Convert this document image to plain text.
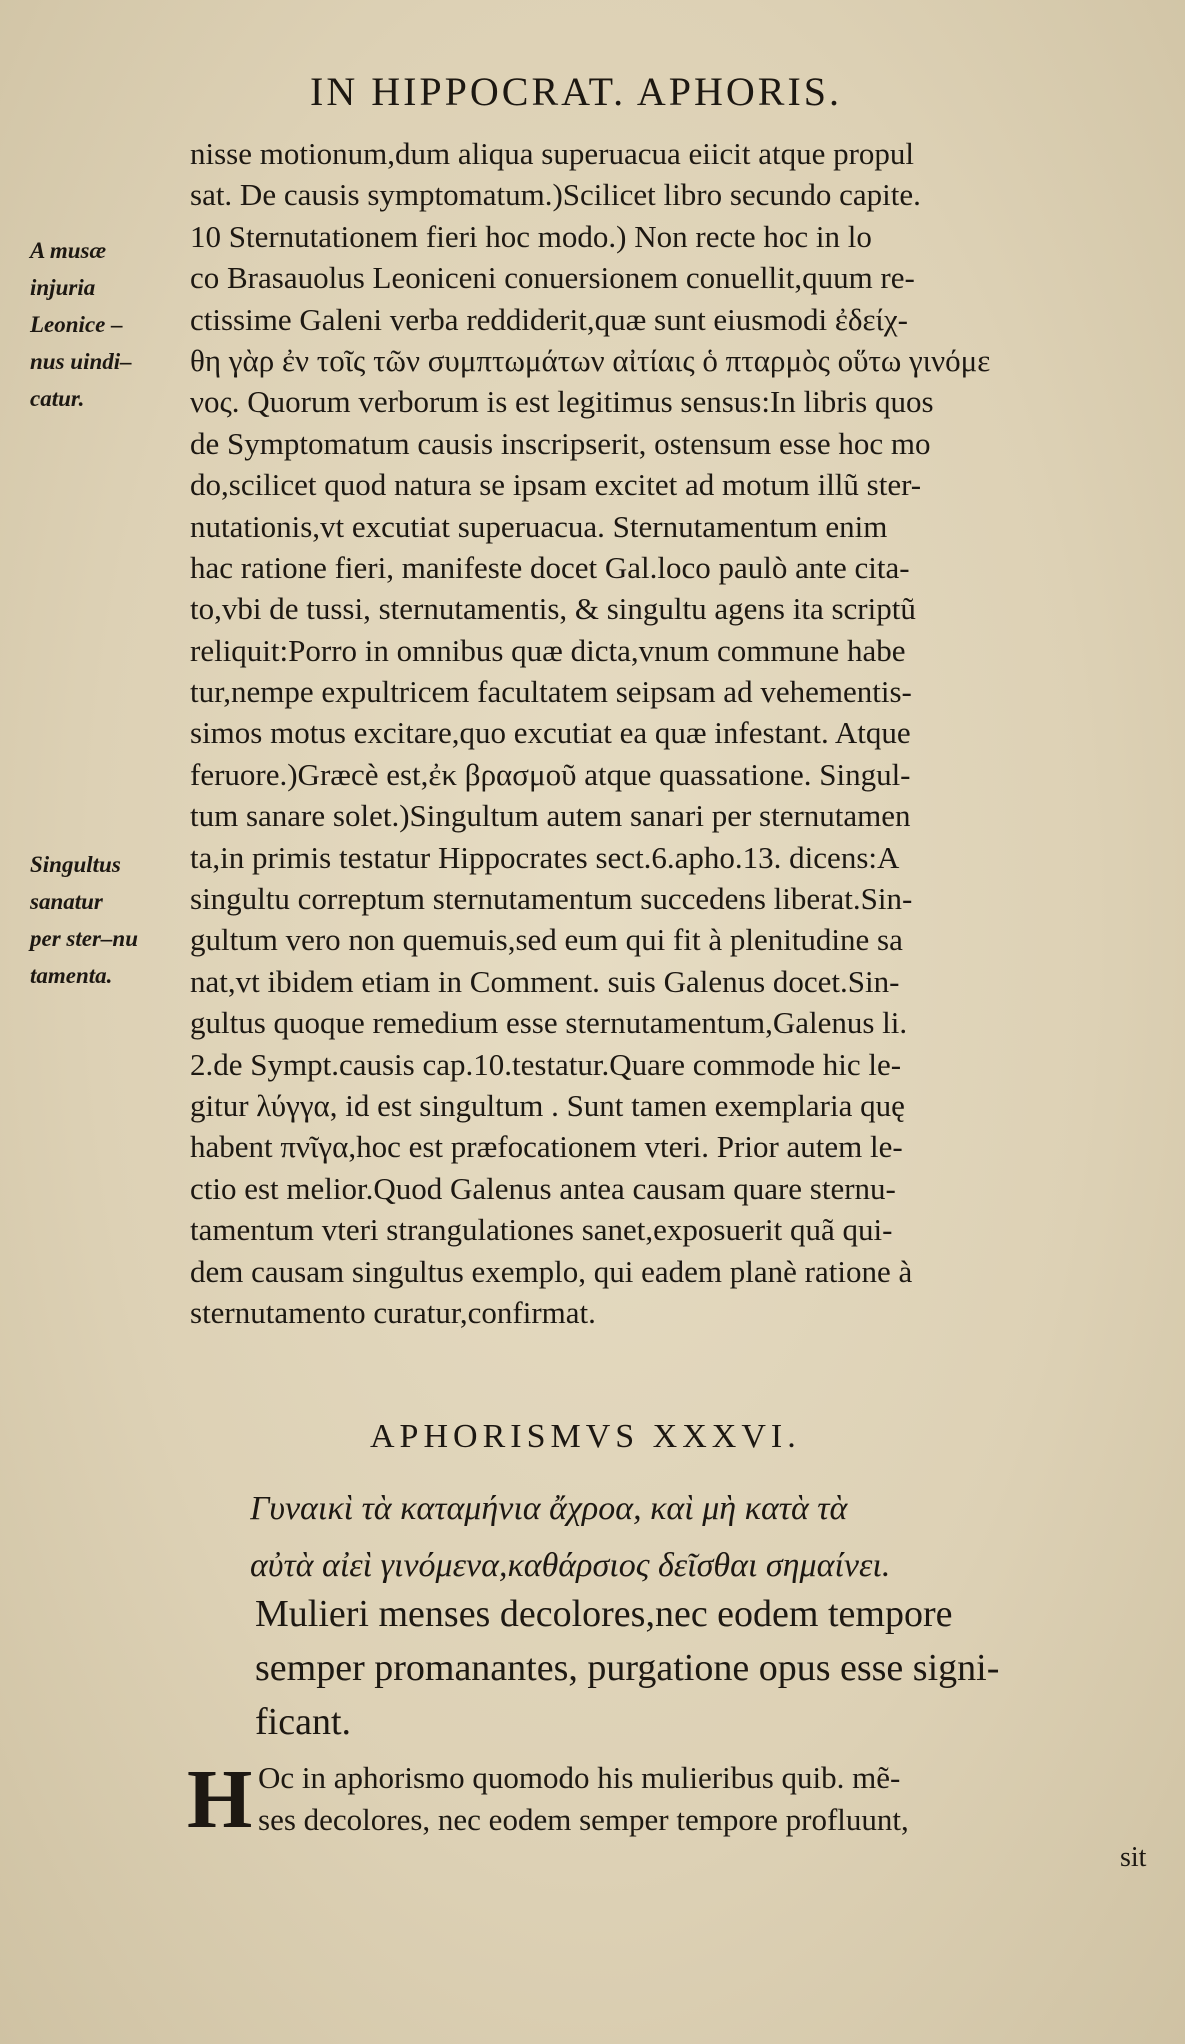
IN HIPPOCRAT. APHORIS.
A musæ
injuria
Leonice –
nus uindi–
catur.
Singultus
sanatur
per ster–nu
tamenta.
nisse motionum,dum aliqua superuacua eiicit atque propul
sat. De causis symptomatum.)Scilicet libro secundo capite.
10 Sternutationem fieri hoc modo.) Non recte hoc in lo
co Brasauolus Leoniceni conuersionem conuellit,quum re-
ctissime Galeni verba reddiderit,quæ sunt eiusmodi ἐδείχ-
θη γὰρ ἐν τοῖς τῶν συμπτωμάτων αἰτίαις ὁ πταρμὸς οὕτω γινόμε
νος. Quorum verborum is est legitimus sensus:In libris quos
de Symptomatum causis inscripserit, ostensum esse hoc mo
do,scilicet quod natura se ipsam excitet ad motum illũ ster-
nutationis,vt excutiat superuacua. Sternutamentum enim
hac ratione fieri, manifeste docet Gal.loco paulò ante cita-
to,vbi de tussi, sternutamentis, & singultu agens ita scriptũ
reliquit:Porro in omnibus quæ dicta,vnum commune habe
tur,nempe expultricem facultatem seipsam ad vehementis-
simos motus excitare,quo excutiat ea quæ infestant. Atque
feruore.)Græcè est,ἐκ βρασμοῦ atque quassatione. Singul-
tum sanare solet.)Singultum autem sanari per sternutamen
ta,in primis testatur Hippocrates sect.6.apho.13. dicens:A
singultu correptum sternutamentum succedens liberat.Sin-
gultum vero non quemuis,sed eum qui fit à plenitudine sa
nat,vt ibidem etiam in Comment. suis Galenus docet.Sin-
gultus quoque remedium esse sternutamentum,Galenus li.
2.de Sympt.causis cap.10.testatur.Quare commode hic le-
gitur λύγγα, id est singultum . Sunt tamen exemplaria quę
habent πνῖγα,hoc est præfocationem vteri. Prior autem le-
ctio est melior.Quod Galenus antea causam quare sternu-
tamentum vteri strangulationes sanet,exposuerit quã qui-
dem causam singultus exemplo, qui eadem planè ratione à
sternutamento curatur,confirmat.
APHORISMVS XXXVI.
Γυναικὶ τὰ καταμήνια ἄχροα, καὶ μὴ κατὰ τὰ
αὐτὰ αἰεὶ γινόμενα,καθάρσιος δεῖσθαι σημαίνει.
Mulieri menses decolores,nec eodem tempore
semper promanantes, purgatione opus esse signi-
ficant.
H Oc in aphorismo quomodo his mulieribus quib. mẽ-
ses decolores, nec eodem semper tempore profluunt,
sit
